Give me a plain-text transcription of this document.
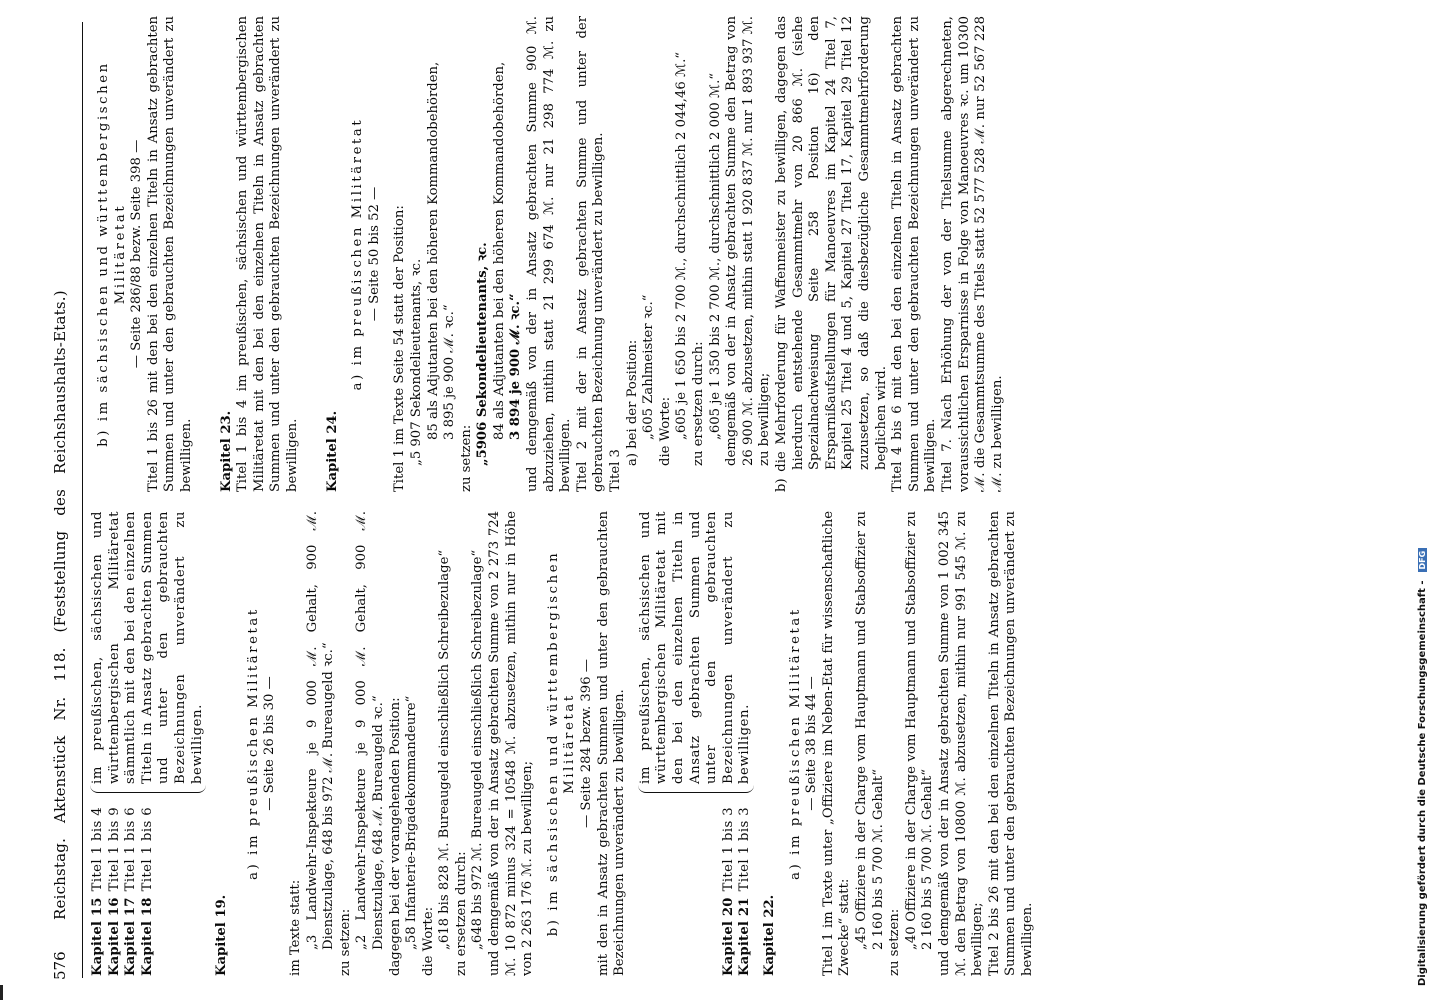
576
Reichstag. Aktenstück Nr. 118. (Feststellung des Reichshaushalts-Etats.)
Kapitel 15Titel 1 bis 4
Kapitel 16Titel 1 bis 9
Kapitel 17Titel 1 bis 6
Kapitel 18Titel 1 bis 6
im preußischen, sächsischen und württembergischen Militäretat sämmtlich mit den bei den einzelnen Titeln in Ansatz gebrachten Summen und unter den gebrauchten Bezeichnungen unverändert zu bewilligen.
Kapitel 19.

a) im preußischen Militäretat — Seite 26 bis 30 —

im Texte statt: „3 Landwehr-Inspekteure je 9 000 ℳ. Gehalt, 900 ℳ. Dienstzulage, 648 bis 972 ℳ. Bureaugeld ꝛc.“ zu setzen: „2 Landwehr-Inspekteure je 9 000 ℳ. Gehalt, 900 ℳ. Dienstzulage, 648 ℳ. Bureaugeld ꝛc.“ dagegen bei der vorangehenden Position: „58 Infanterie-Brigadekommandeure“ die Worte: „618 bis 828 ℳ. Bureaugeld einschließlich Schreibezulage“ zu ersetzen durch: „648 bis 972 ℳ. Bureaugeld einschließlich Schreibezulage“ und demgemäß von der in Ansatz gebrachten Summe von 2 273 724 ℳ. 10 872 minus 324 = 10548 ℳ. abzusetzen, mithin nur in Höhe von 2 263 176 ℳ. zu bewilligen; b) im sächsischen und württembergischen Militäretat — Seite 284 bezw. 396 — mit den in Ansatz gebrachten Summen und unter den gebrauchten Bezeichnungen unverändert zu bewilligen.	Kapitel 20Titel 1 bis 3
Kapitel 21Titel 1 bis 3
im preußischen, sächsischen und württembergischen Militäretat mit den bei den einzelnen Titeln in Ansatz gebrachten Summen und unter den gebrauchten Bezeichnungen unverändert zu bewilligen.
Kapitel 22.

a) im preußischen Militäretat — Seite 38 bis 44 — Titel 1 im Texte unter „Offiziere im Neben-Etat für wissenschaftliche Zwecke“ statt: „45 Offiziere in der Charge vom Hauptmann und Stabsoffizier zu 2 160 bis 5 700 ℳ. Gehalt“ zu setzen: „40 Offiziere in der Charge vom Hauptmann und Stabsoffizier zu 2 160 bis 5 700 ℳ. Gehalt“ und demgemäß von der in Ansatz gebrachten Summe von 1 002 345 ℳ. den Betrag von 10800 ℳ. abzusetzen, mithin nur 991 545 ℳ. zu bewilligen; Titel 2 bis 26 mit den bei den einzelnen Titeln in Ansatz gebrachten Summen und unter den gebrauchten Bezeichnungen unverändert zu bewilligen.

b) im sächsischen und württembergischen Militäretat — Seite 286/88 bezw. Seite 398 — Titel 1 bis 26 mit den bei den einzelnen Titeln in Ansatz gebrachten Summen und unter den gebrauchten Bezeichnungen unverändert zu bewilligen. Kapitel 23. Titel 1 bis 4 im preußischen, sächsischen und württembergischen Militäretat mit den bei den einzelnen Titeln in Ansatz gebrachten Summen und unter den gebrauchten Bezeichnungen unverändert zu bewilligen. Kapitel 24.

a) im preußischen Militäretat — Seite 50 bis 52 — Titel 1 im Texte Seite 54 statt der Position: „5 907 Sekondelieutenants, ꝛc. 85 als Adjutanten bei den höheren Kommandobehörden, 3 895 je 900 ℳ. ꝛc.“

zu setzen: „5906 Sekondelieutenants, ꝛc. 84 als Adjutanten bei den höheren Kommandobehörden, 3 894 je 900 ℳ. ꝛc.“ und demgemäß von der in Ansatz gebrachten Summe 900 ℳ. abzuziehen, mithin statt 21 299 674 ℳ. nur 21 298 774 ℳ. zu bewilligen. Titel 2 mit der in Ansatz gebrachten Summe und unter der gebrauchten Bezeichnung unverändert zu bewilligen. Titel 3

a) bei der Position: „605 Zahlmeister ꝛc.“ die Worte: „605 je 1 650 bis 2 700 ℳ., durchschnittlich 2 044,46 ℳ.“ zu ersetzen durch: „605 je 1 350 bis 2 700 ℳ., durchschnittlich 2 000 ℳ.“ demgemäß von der in Ansatz gebrachten Summe den Betrag von 26 900 ℳ. abzusetzen, mithin statt 1 920 837 ℳ. nur 1 893 937 ℳ. zu bewilligen; b) die Mehrforderung für Waffenmeister zu bewilligen, dagegen das hierdurch entstehende Gesammtmehr von 20 866 ℳ. (siehe Spezialnachweisung Seite 258 Position 16) den Ersparnißaufstellungen für Manoeuvres im Kapitel 24 Titel 7, Kapitel 25 Titel 4 und 5, Kapitel 27 Titel 17, Kapitel 29 Titel 12 zuzusetzen, so daß die diesbezügliche Gesammtmehrforderung beglichen wird. Titel 4 bis 6 mit den bei den einzelnen Titeln in Ansatz gebrachten Summen und unter den gebrauchten Bezeichnungen unverändert zu bewilligen. Titel 7. Nach Erhöhung der von der Titelsumme abgerechneten, voraussichtlichen Ersparnisse in Folge von Manoeuvres ꝛc. um 10300 ℳ. die Gesammtsumme des Titels statt 52 577 528 ℳ. nur 52 567 228 ℳ. zu bewilligen.

Digitalisierung gefördert durch die Deutsche Forschungsgemeinschaft -
DFG
